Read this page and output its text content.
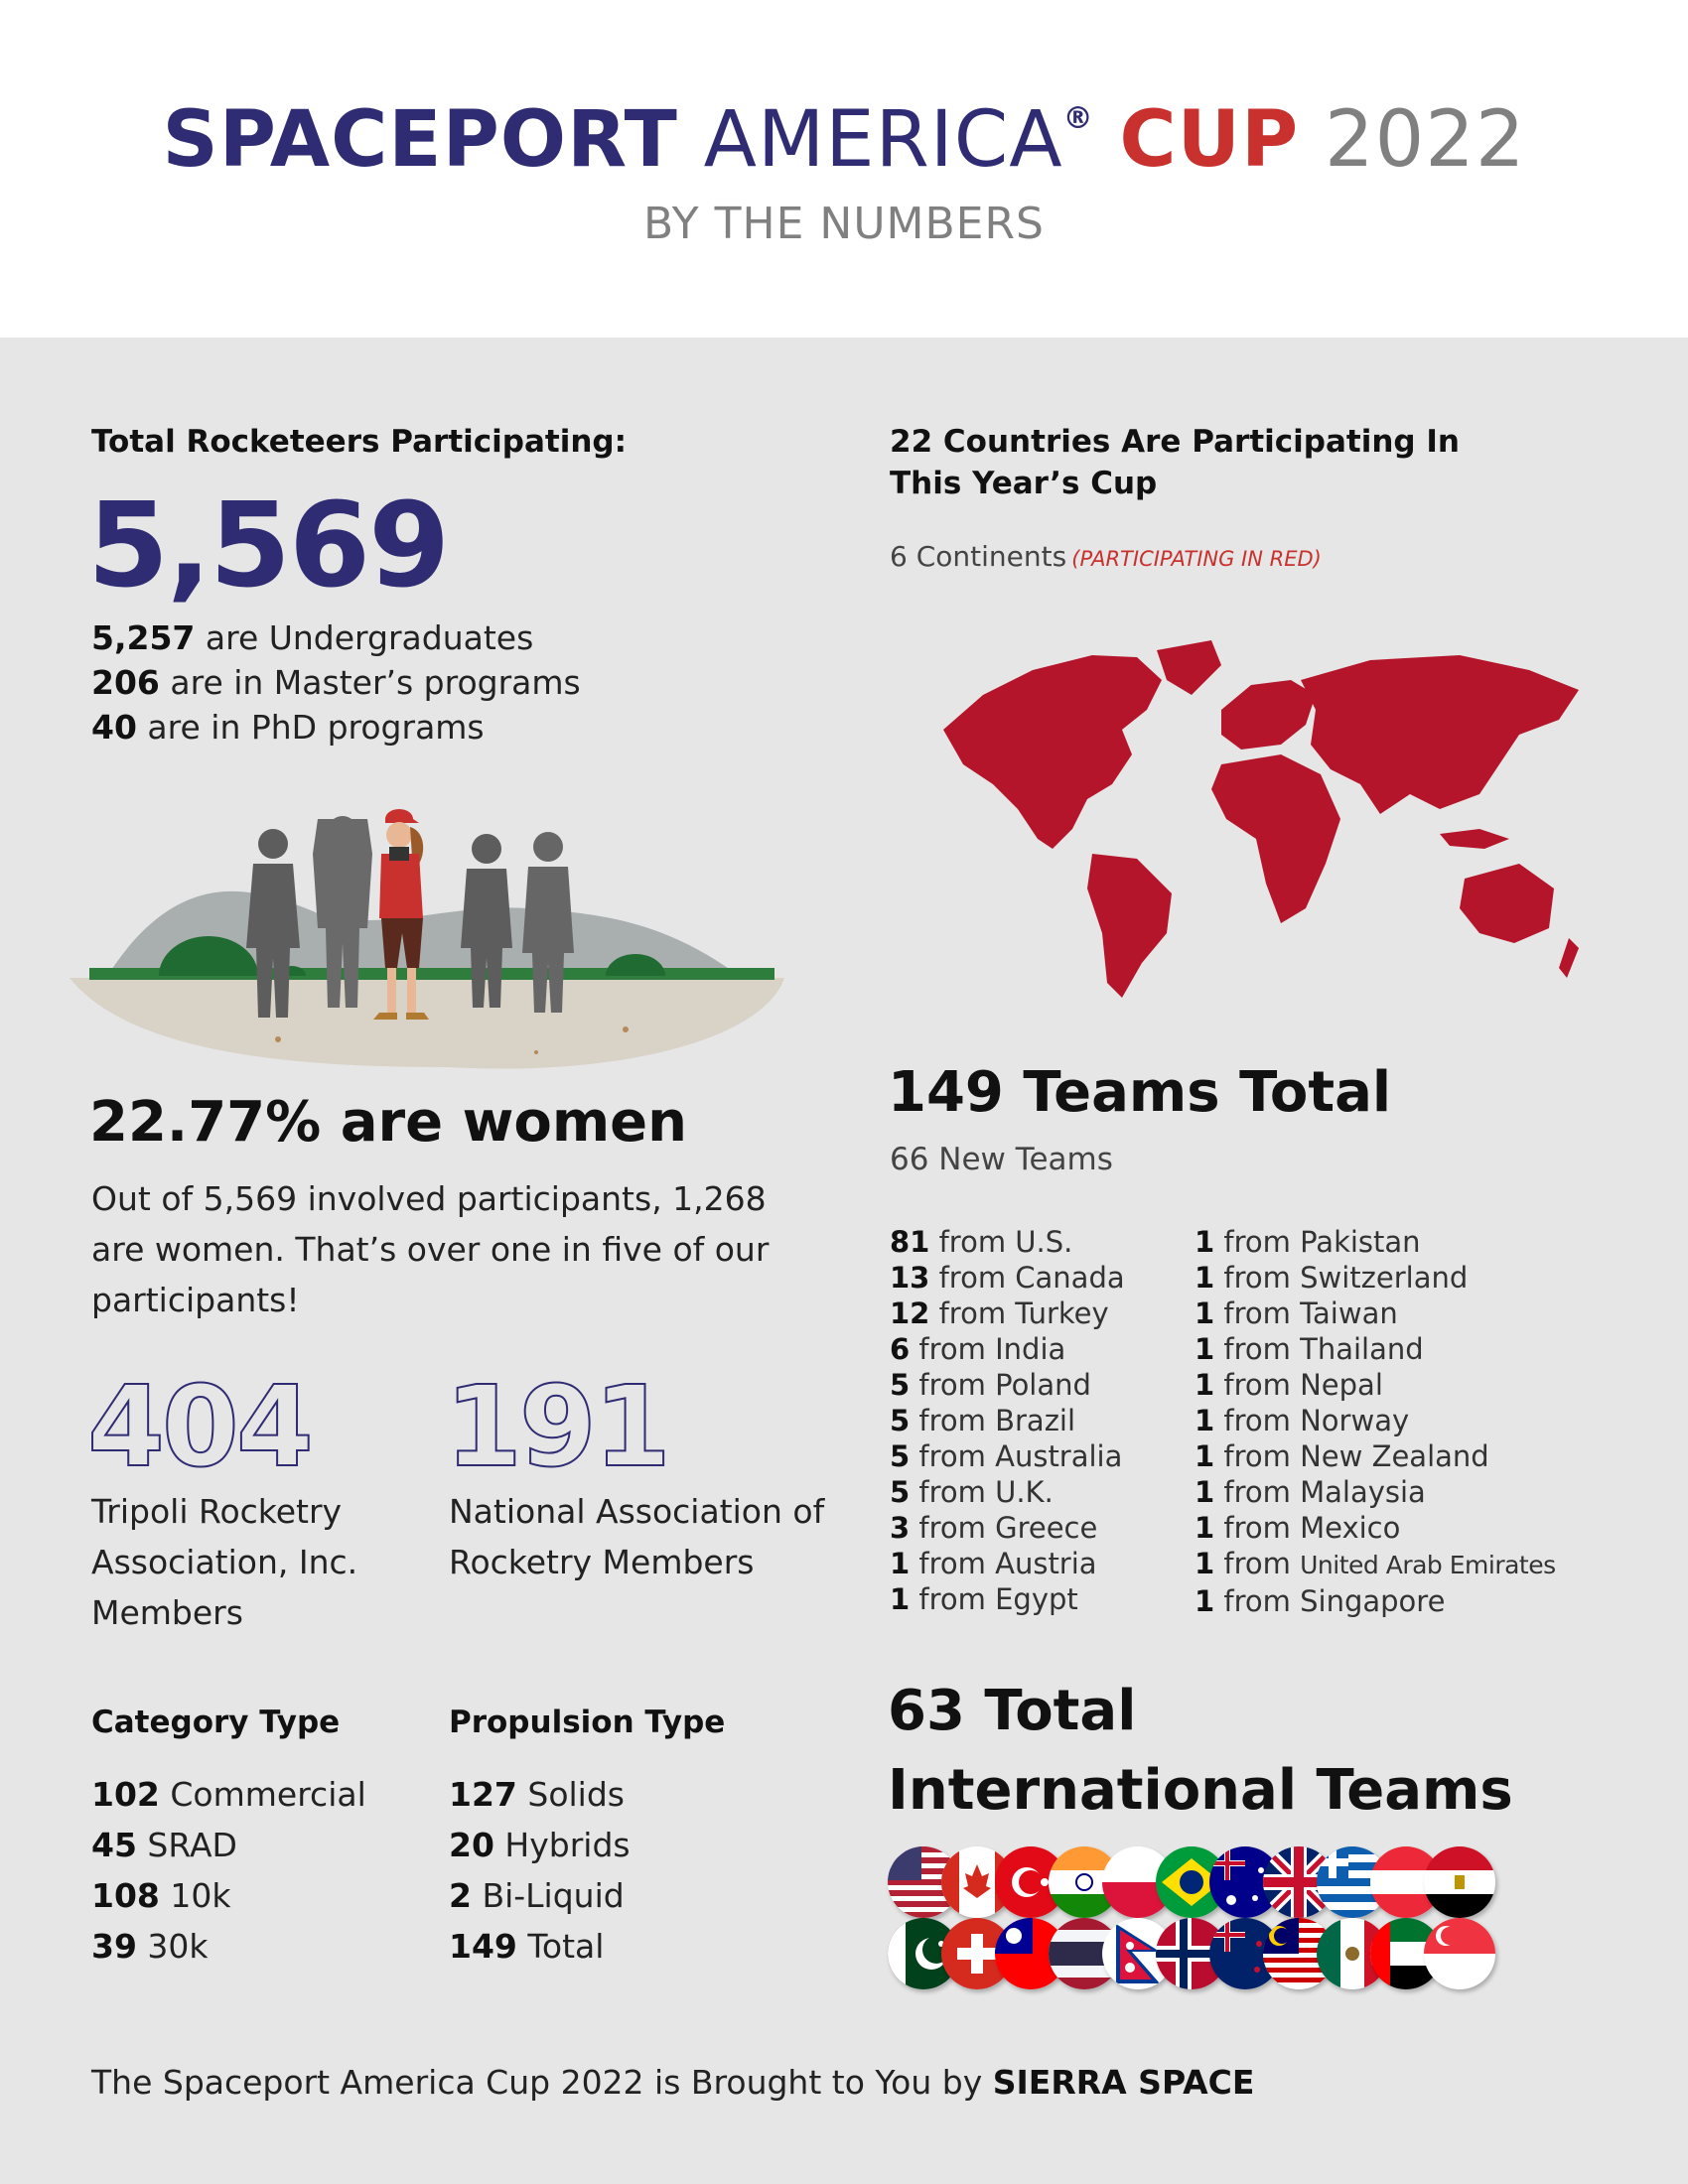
SPACEPORT AMERICA® CUP 2022
BY THE NUMBERS
Total Rocketeers Participating:
5,569
5,257 are Undergraduates
206 are in Master’s programs
40 are in PhD programs
22.77% are women
Out of 5,569 involved participants, 1,268 are women. That’s over one in five of our participants!
404
Tripoli Rocketry Association, Inc. Members
191
National Association of Rocketry Members
Category Type
102 Commercial
45 SRAD
108 10k
39 30k
Propulsion Type
127 Solids
20 Hybrids
2 Bi-Liquid
149 Total
22 Countries Are Participating In This Year’s Cup
6 Continents (PARTICIPATING IN RED)
149 Teams Total
66 New Teams
81 from U.S.
13 from Canada
12 from Turkey
6 from India
5 from Poland
5 from Brazil
5 from Australia
5 from U.K.
3 from Greece
1 from Austria
1 from Egypt
1 from Pakistan
1 from Switzerland
1 from Taiwan
1 from Thailand
1 from Nepal
1 from Norway
1 from New Zealand
1 from Malaysia
1 from Mexico
1 from United Arab Emirates
1 from Singapore
63 Total
International Teams
The Spaceport America Cup 2022 is Brought to You by SIERRA SPACE
